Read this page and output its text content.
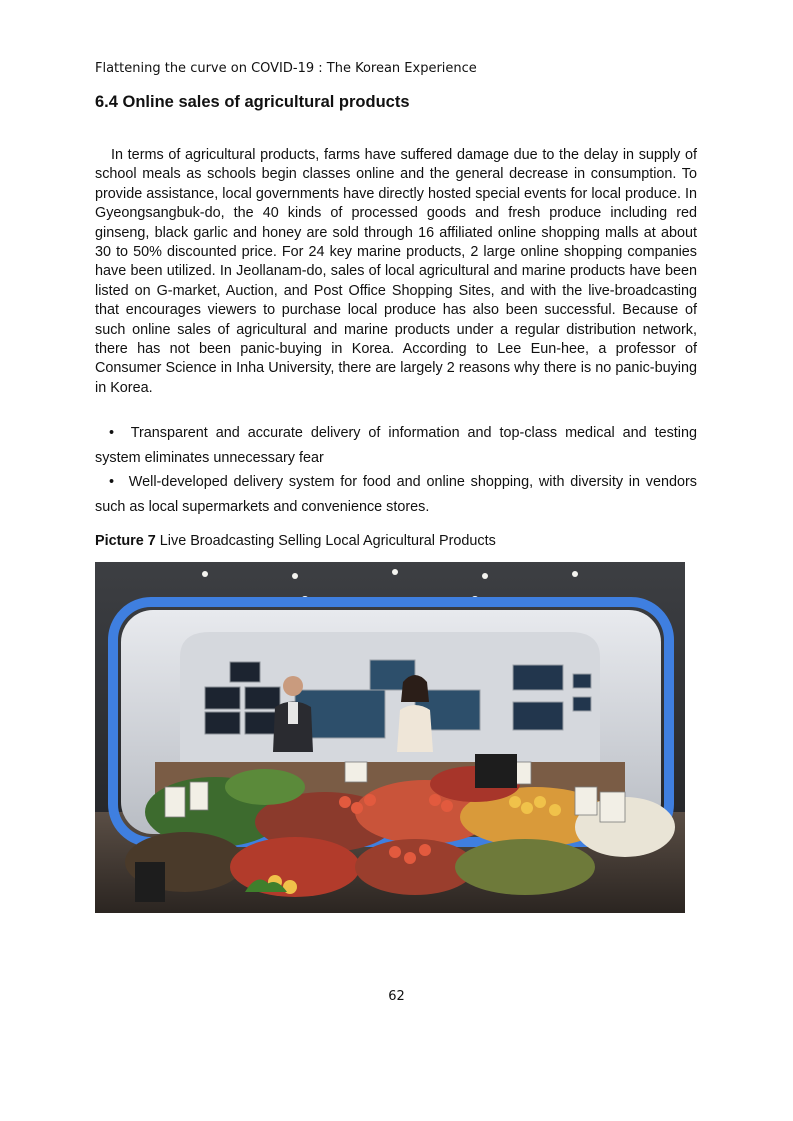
Flattening the curve on COVID-19 : The Korean Experience
6.4 Online sales of agricultural products

In terms of agricultural products, farms have suffered damage due to the delay in supply of school meals as schools begin classes online and the general decrease in consumption. To provide assistance, local governments have directly hosted special events for local produce. In Gyeongsangbuk-do, the 40 kinds of processed goods and fresh produce including red ginseng, black garlic and honey are sold through 16 affiliated online shopping malls at about 30 to 50% discounted price. For 24 key marine products, 2 large online shopping companies have been utilized. In Jeollanam-do, sales of local agricultural and marine products have been listed on G-market, Auction, and Post Office Shopping Sites, and with the live-broadcasting that encourages viewers to purchase local produce has also been successful. Because of such online sales of agricultural and marine products under a regular distribution network, there has not been panic-buying in Korea. According to Lee Eun-hee, a professor of Consumer Science in Inha University, there are largely 2 reasons why there is no panic-buying in Korea.

• Transparent and accurate delivery of information and top-class medical and testing system eliminates unnecessary fear
• Well-developed delivery system for food and online shopping, with diversity in vendors such as local supermarkets and convenience stores.

Picture 7 Live Broadcasting Selling Local Agricultural Products

62
